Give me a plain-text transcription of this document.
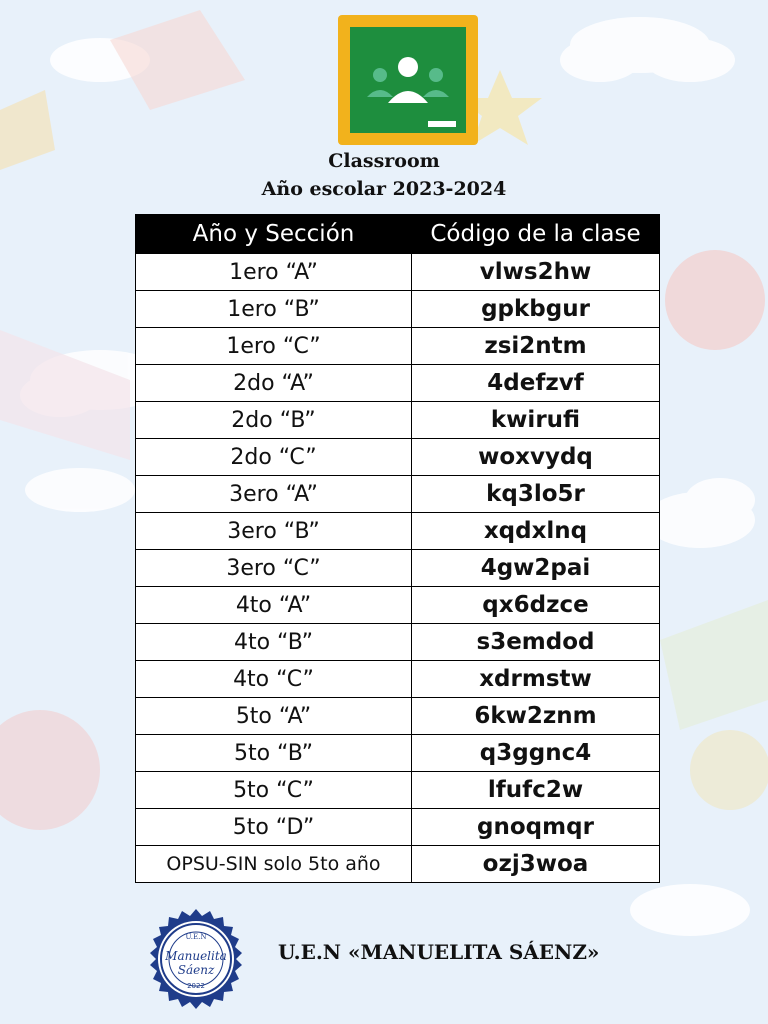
Classroom
Año escolar 2023-2024
Año y Sección	Código de la clase
1ero “A”	vlws2hw
1ero “B”	gpkbgur
1ero “C”	zsi2ntm
2do “A”	4defzvf
2do “B”	kwirufi
2do “C”	woxvydq
3ero “A”	kq3lo5r
3ero “B”	xqdxlnq
3ero “C”	4gw2pai
4to “A”	qx6dzce
4to “B”	s3emdod
4to “C”	xdrmstw
5to “A”	6kw2znm
5to “B”	q3ggnc4
5to “C”	lfufc2w
5to “D”	gnoqmqr
OPSU-SIN solo 5to año	ozj3woa
U.E.N
Manuelita
Sáenz
2022
U.E.N «MANUELITA SÁENZ»
